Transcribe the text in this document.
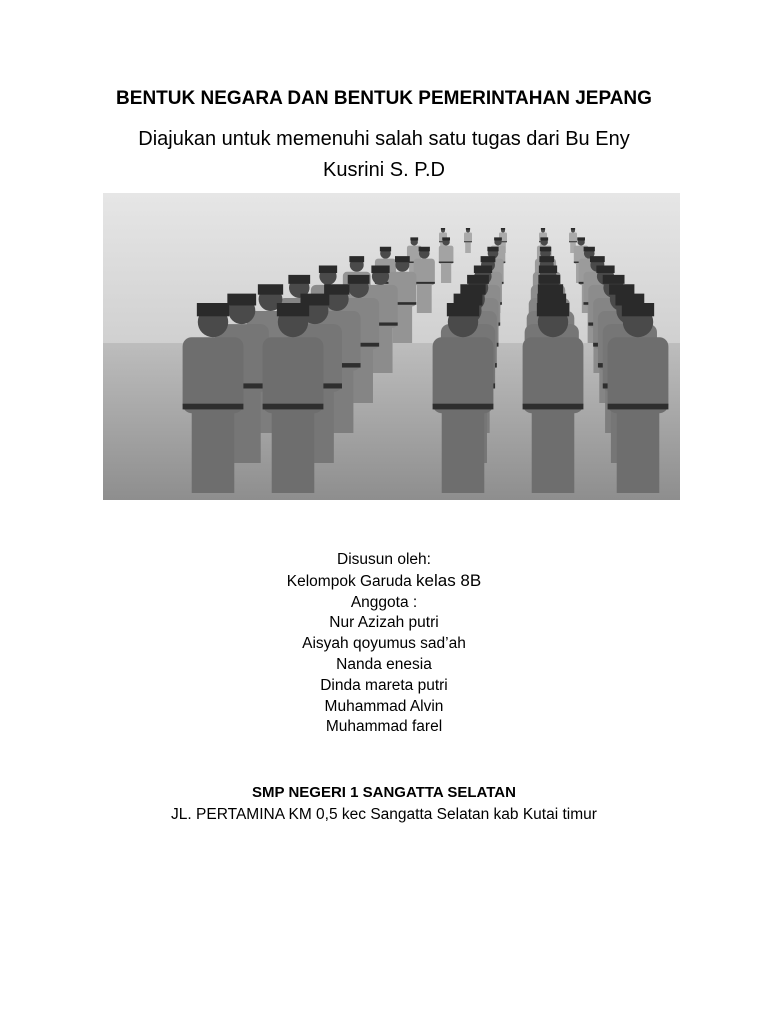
BENTUK NEGARA DAN BENTUK PEMERINTAHAN JEPANG
Diajukan untuk memenuhi salah satu tugas dari Bu Eny
Kusrini S. P.D
Disusun oleh:
Kelompok Garuda kelas 8B
Anggota :
Nur Azizah putri
Aisyah qoyumus sad’ah
Nanda enesia
Dinda mareta putri
Muhammad Alvin
Muhammad farel
SMP NEGERI 1 SANGATTA SELATAN
JL. PERTAMINA KM 0,5 kec Sangatta Selatan kab Kutai timur
